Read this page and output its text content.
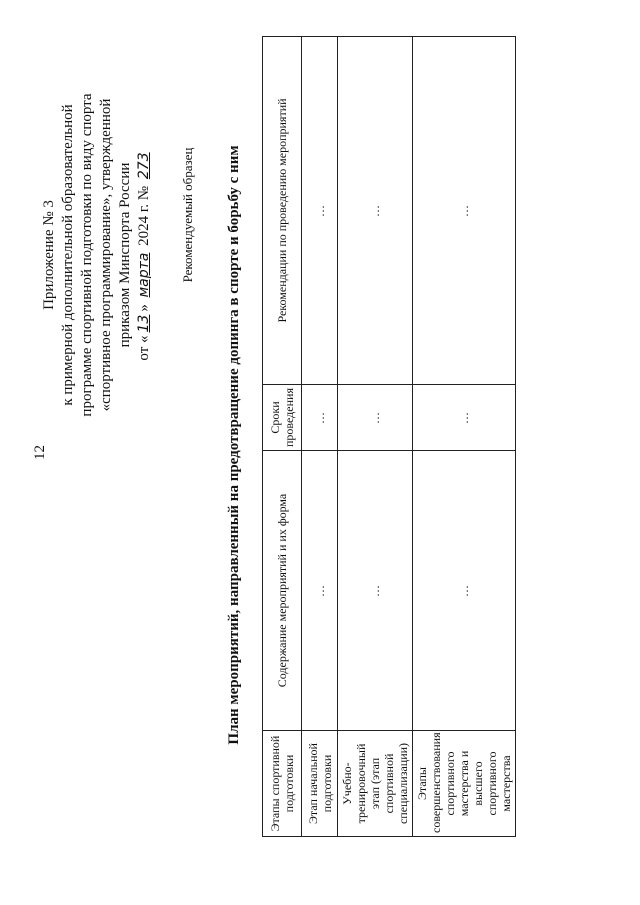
12
Приложение № 3 к примерной дополнительной образовательной программе спортивной подготовки по виду спорта «спортивное программирование», утвержденной приказом Минспорта России
от «13» марта 2024 г. № 273 Рекомендуемый образец План мероприятий, направленный на предотвращение допинга в спорте и борьбу с ним
Этапы спортивной подготовки	Содержание мероприятий и их форма	Сроки проведения	Рекомендации по проведению мероприятий
Этап начальной подготовки	…	…	…
Учебно-тренировочный этап (этап спортивной специализации)	…	…	…
Этапы совершенствования спортивного мастерства и высшего спортивного мастерства	…	…	…
